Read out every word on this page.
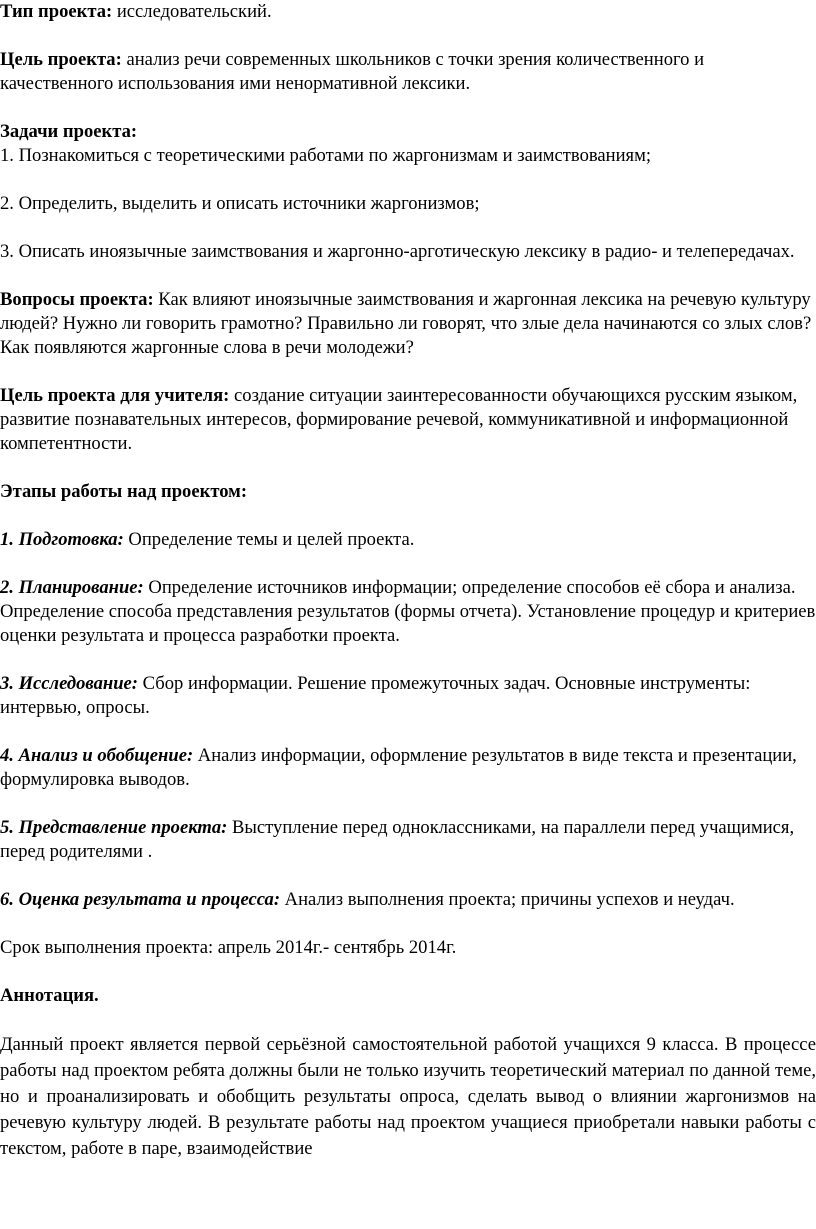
Тип проекта: исследовательский.

Цель проекта: анализ речи современных школьников с точки зрения количественного и качественного использования ими ненормативной лексики.

Задачи проекта:

1. Познакомиться с теоретическими работами по жаргонизмам и заимствованиям;

2. Определить, выделить и описать источники жаргонизмов;

3. Описать иноязычные заимствования и жаргонно-арготическую лексику в радио- и телепередачах.

Вопросы проекта: Как влияют иноязычные заимствования и жаргонная лексика на речевую культуру людей? Нужно ли говорить грамотно? Правильно ли говорят, что злые дела начинаются со злых слов? Как появляются жаргонные слова в речи молодежи?

Цель проекта для учителя: создание ситуации заинтересованности обучающихся русским языком, развитие познавательных интересов, формирование речевой, коммуникативной и информационной компетентности.

Этапы работы над проектом:

1. Подготовка: Определение темы и целей проекта.

2. Планирование: Определение источников информации; определение способов её сбора и анализа. Определение способа представления результатов (формы отчета). Установление процедур и критериев оценки результата и процесса разработки проекта.

3. Исследование: Сбор информации. Решение промежуточных задач. Основные инструменты: интервью, опросы.

4. Анализ и обобщение: Анализ информации, оформление результатов в виде текста и презентации, формулировка выводов.

5. Представление проекта: Выступление перед одноклассниками, на параллели перед учащимися, перед родителями .

6. Оценка результата и процесса: Анализ выполнения проекта; причины успехов и неудач.

Срок выполнения проекта: апрель 2014г.- сентябрь 2014г.

Аннотация.

Данный проект является первой серьёзной самостоятельной работой учащихся 9 класса. В процессе работы над проектом ребята должны были не только изучить теоретический материал по данной теме, но и проанализировать и обобщить результаты опроса, сделать вывод о влиянии жаргонизмов на речевую культуру людей. В результате работы над проектом учащиеся приобретали навыки работы с текстом, работе в паре, взаимодействие
